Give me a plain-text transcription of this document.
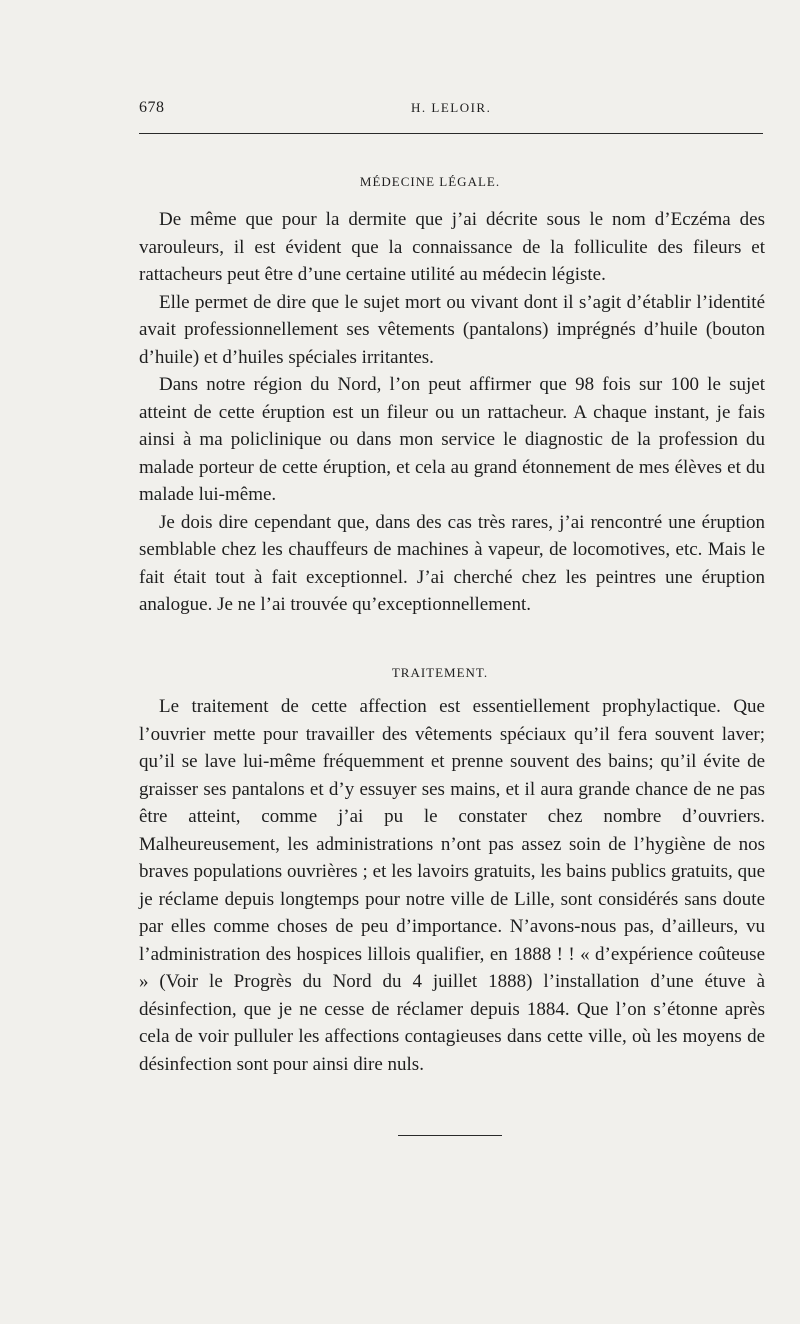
678	H. LELOIR.
MÉDECINE LÉGALE.

De même que pour la dermite que j’ai décrite sous le nom d’Eczéma des varouleurs, il est évident que la connaissance de la folliculite des fileurs et rattacheurs peut être d’une certaine utilité au médecin légiste.

Elle permet de dire que le sujet mort ou vivant dont il s’agit d’établir l’identité avait professionnellement ses vêtements (pantalons) imprégnés d’huile (bouton d’huile) et d’huiles spéciales irritantes.

Dans notre région du Nord, l’on peut affirmer que 98 fois sur 100 le sujet atteint de cette éruption est un fileur ou un rattacheur. A chaque instant, je fais ainsi à ma policlinique ou dans mon service le diagnostic de la profession du malade porteur de cette éruption, et cela au grand étonnement de mes élèves et du malade lui-même.

Je dois dire cependant que, dans des cas très rares, j’ai rencontré une éruption semblable chez les chauffeurs de machines à vapeur, de locomotives, etc. Mais le fait était tout à fait exceptionnel. J’ai cherché chez les peintres une éruption analogue. Je ne l’ai trouvée qu’exceptionnellement.

TRAITEMENT.

Le traitement de cette affection est essentiellement prophylactique. Que l’ouvrier mette pour travailler des vêtements spéciaux qu’il fera souvent laver; qu’il se lave lui-même fréquemment et prenne souvent des bains; qu’il évite de graisser ses pantalons et d’y essuyer ses mains, et il aura grande chance de ne pas être atteint, comme j’ai pu le constater chez nombre d’ouvriers. Malheureusement, les administrations n’ont pas assez soin de l’hygiène de nos braves populations ouvrières ; et les lavoirs gratuits, les bains publics gratuits, que je réclame depuis longtemps pour notre ville de Lille, sont considérés sans doute par elles comme choses de peu d’importance. N’avons-nous pas, d’ailleurs, vu l’administration des hospices lillois qualifier, en 1888 ! ! « d’expérience coûteuse » (Voir le Progrès du Nord du 4 juillet 1888) l’installation d’une étuve à désinfection, que je ne cesse de réclamer depuis 1884. Que l’on s’étonne après cela de voir pulluler les affections contagieuses dans cette ville, où les moyens de désinfection sont pour ainsi dire nuls.
